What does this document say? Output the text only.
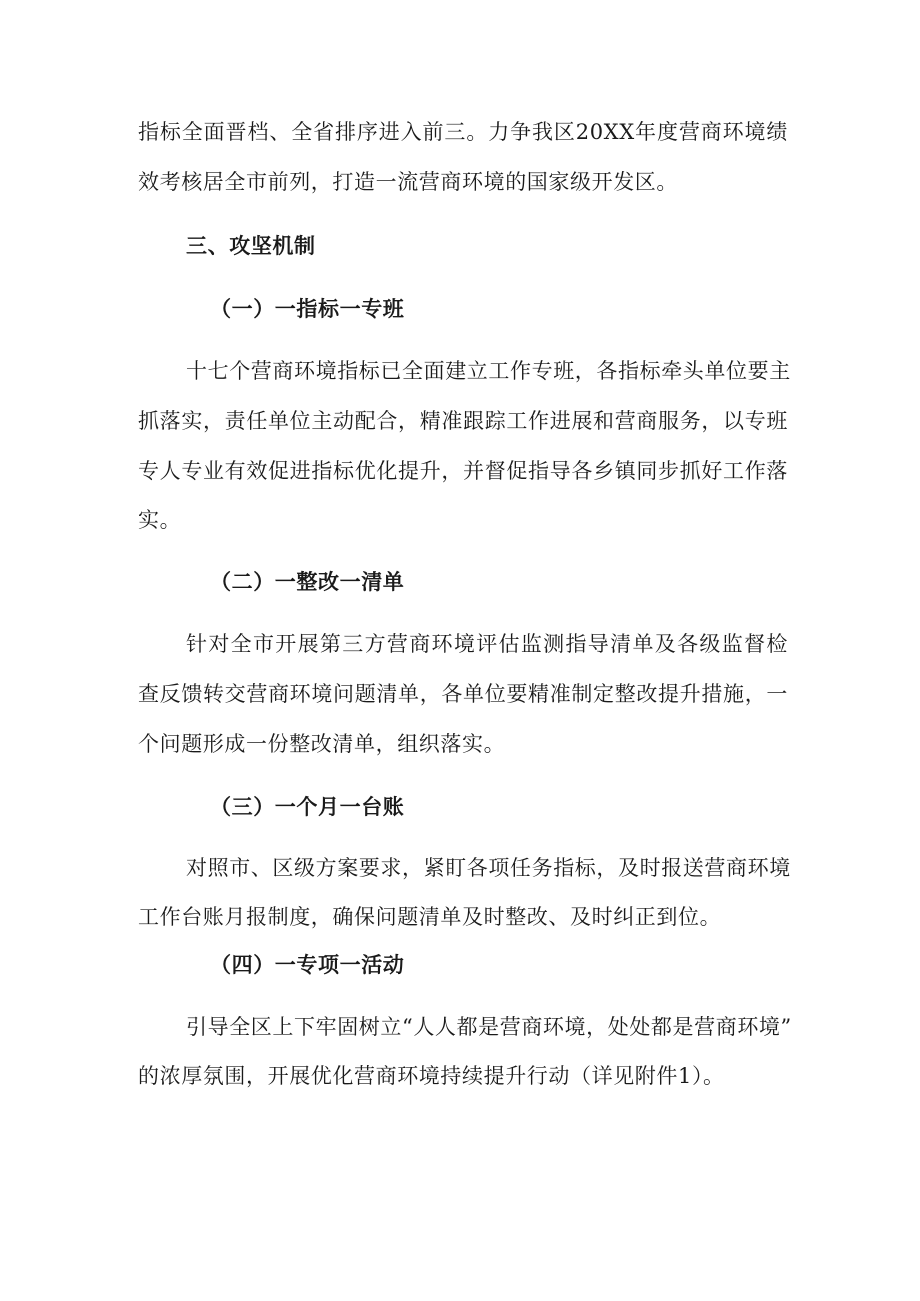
指标全面晋档、全省排序进入前三。力争我区20XX年度营商环境绩
效考核居全市前列，打造一流营商环境的国家级开发区。
三、攻坚机制
（一）一指标一专班
十七个营商环境指标已全面建立工作专班，各指标牵头单位要主
抓落实，责任单位主动配合，精准跟踪工作进展和营商服务，以专班
专人专业有效促进指标优化提升，并督促指导各乡镇同步抓好工作落
实。
（二）一整改一清单
针对全市开展第三方营商环境评估监测指导清单及各级监督检
查反馈转交营商环境问题清单，各单位要精准制定整改提升措施，一
个问题形成一份整改清单，组织落实。
（三）一个月一台账
对照市、区级方案要求，紧盯各项任务指标，及时报送营商环境
工作台账月报制度，确保问题清单及时整改、及时纠正到位。
（四）一专项一活动
引导全区上下牢固树立“人人都是营商环境，处处都是营商环境”
的浓厚氛围，开展优化营商环境持续提升行动（详见附件1）。
